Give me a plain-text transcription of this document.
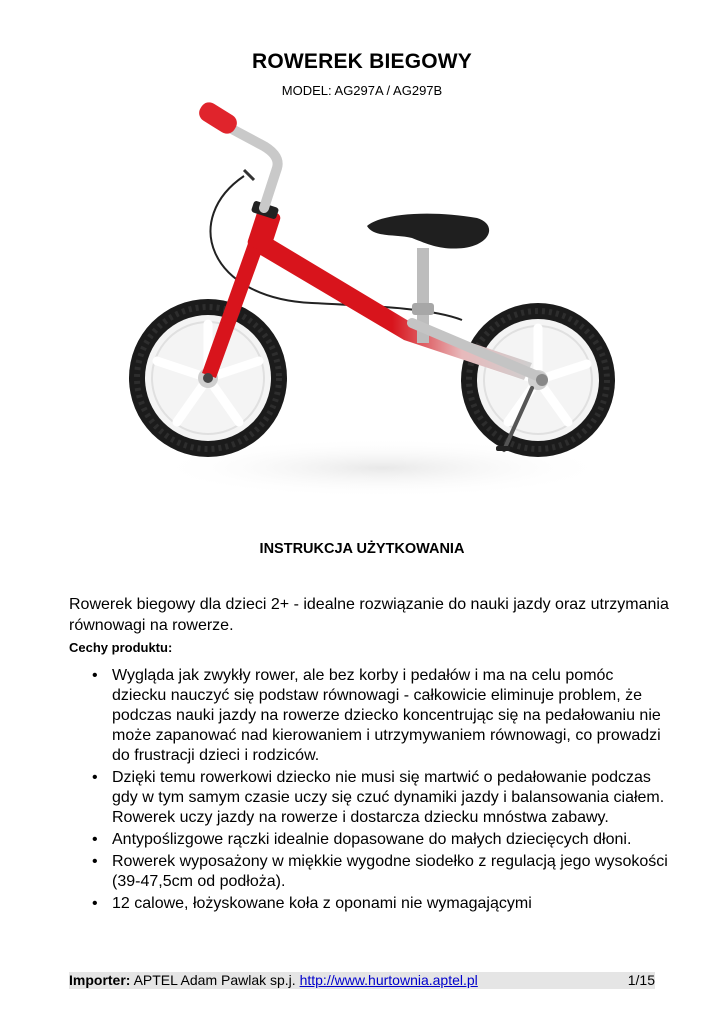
ROWEREK BIEGOWY
MODEL: AG297A / AG297B
INSTRUKCJA UŻYTKOWANIA
Rowerek biegowy dla dzieci 2+ - idealne rozwiązanie do nauki jazdy oraz utrzymania równowagi na rowerze.
Cechy produktu:
• Wygląda jak zwykły rower, ale bez korby i pedałów i ma na celu pomóc dziecku nauczyć się podstaw równowagi - całkowicie eliminuje problem, że podczas nauki jazdy na rowerze dziecko koncentrując się na pedałowaniu nie może zapanować nad kierowaniem i utrzymywaniem równowagi, co prowadzi do frustracji dzieci i rodziców.
• Dzięki temu rowerkowi dziecko nie musi się martwić o pedałowanie podczas gdy w tym samym czasie uczy się czuć dynamiki jazdy i balansowania ciałem. Rowerek uczy jazdy na rowerze i dostarcza dziecku mnóstwa zabawy.
• Antypoślizgowe rączki idealnie dopasowane do małych dziecięcych dłoni.
• Rowerek wyposażony w miękkie wygodne siodełko z regulacją jego wysokości (39-47,5cm od podłoża).
• 12 calowe, łożyskowane koła z oponami nie wymagającymi
Importer: APTEL Adam Pawlak sp.j. http://www.hurtownia.aptel.pl	1/15
